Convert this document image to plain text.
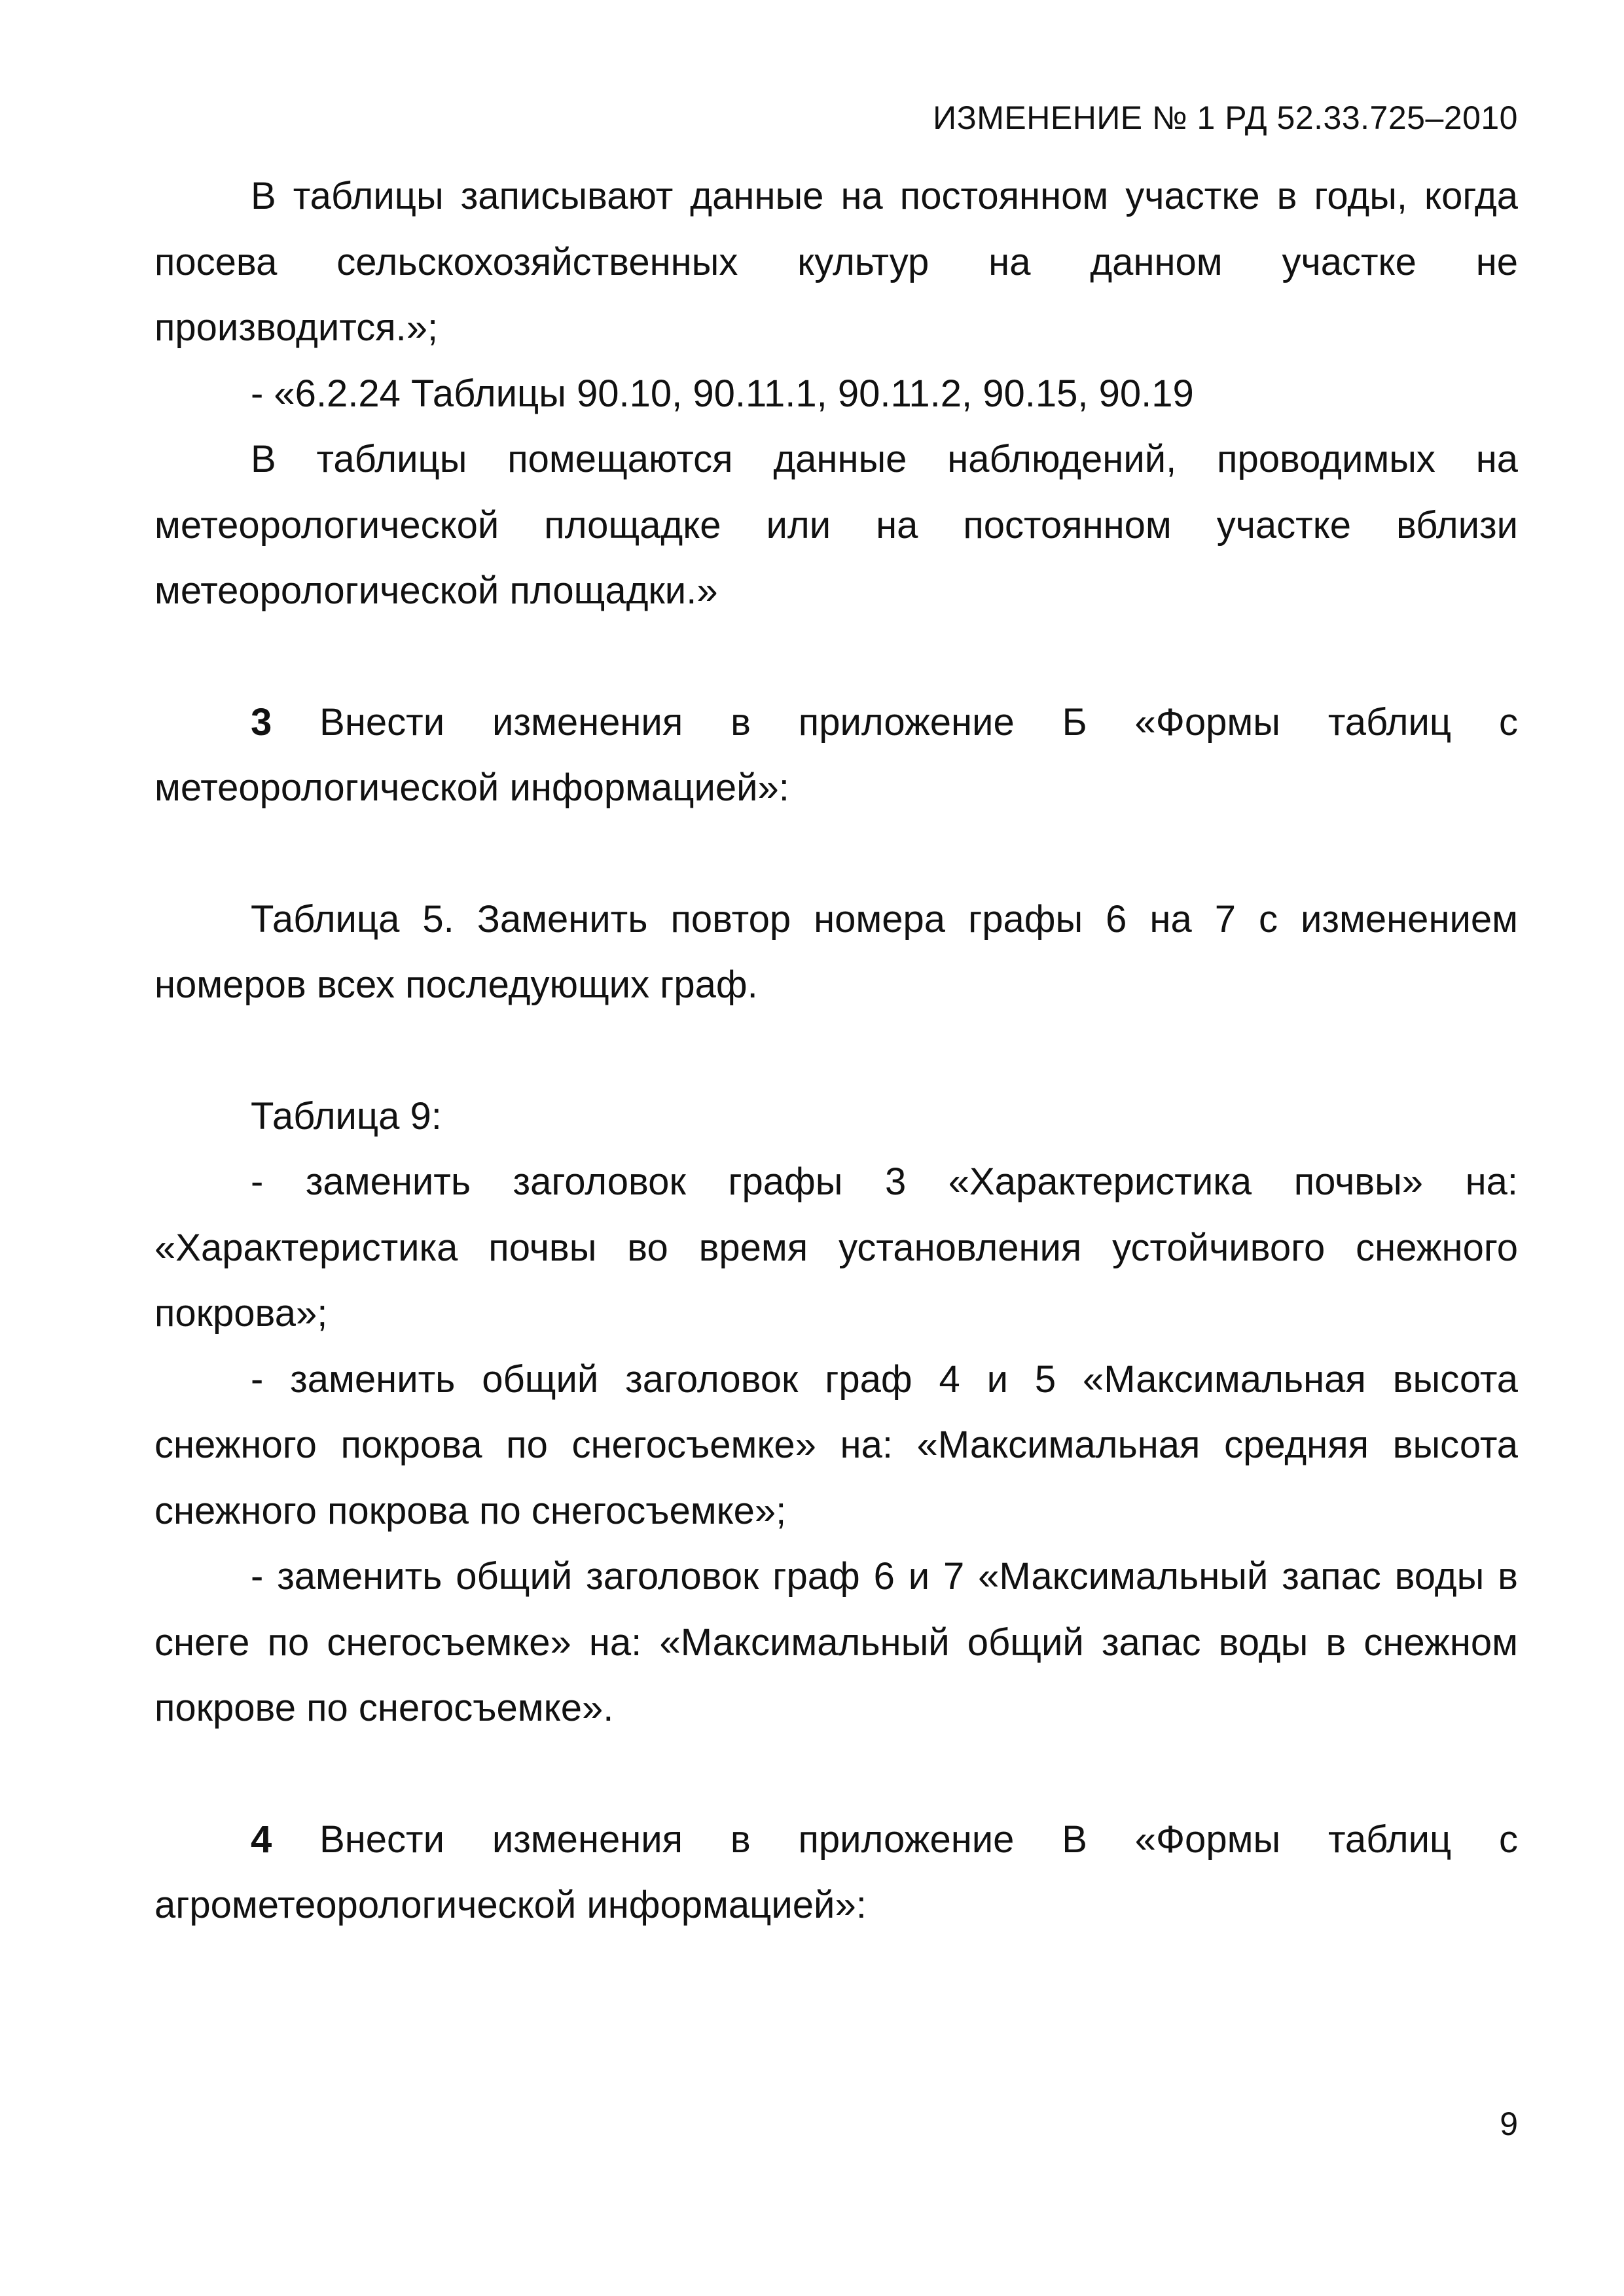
ИЗМЕНЕНИЕ № 1 РД 52.33.725–2010

В таблицы записывают данные на постоянном участке в годы, когда посева сельскохозяйственных культур на данном участке не производится.»;

- «6.2.24 Таблицы 90.10, 90.11.1, 90.11.2, 90.15, 90.19

В таблицы помещаются данные наблюдений, проводимых на метеорологической площадке или на постоянном участке вблизи метеорологической площадки.»

3 Внести изменения в приложение Б «Формы таблиц с метеорологической информацией»:

Таблица 5. Заменить повтор номера графы 6 на 7 с изменением номеров всех последующих граф.

Таблица 9:

- заменить заголовок графы 3 «Характеристика почвы» на: «Характеристика почвы во время установления устойчивого снежного покрова»;

- заменить общий заголовок граф 4 и 5 «Максимальная высота снежного покрова по снегосъемке» на: «Максимальная средняя высота снежного покрова по снегосъемке»;

- заменить общий заголовок граф 6 и 7 «Максимальный запас воды в снеге по снегосъемке» на: «Максимальный общий запас воды в снежном покрове по снегосъемке».

4 Внести изменения в приложение В «Формы таблиц с агрометеорологической информацией»:

9
